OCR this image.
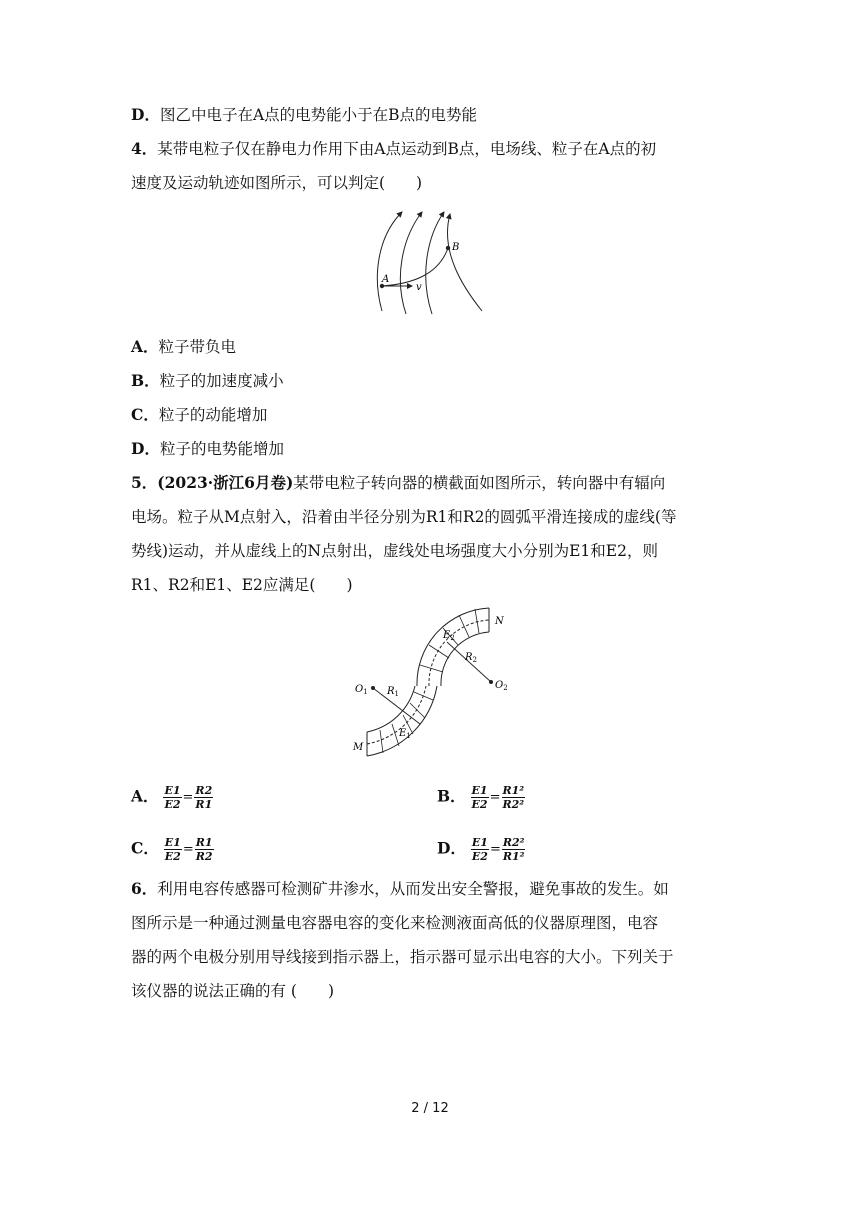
D．图乙中电子在A点的电势能小于在B点的电势能
4．某带电粒子仅在静电力作用下由A点运动到B点，电场线、粒子在A点的初
速度及运动轨迹如图所示，可以判定(　　)
A
B
v
A．粒子带负电
B．粒子的加速度减小
C．粒子的动能增加
D．粒子的电势能增加
5．(2023·浙江6月卷)某带电粒子转向器的横截面如图所示，转向器中有辐向
电场。粒子从M点射入，沿着由半径分别为R1和R2的圆弧平滑连接成的虚线(等
势线)运动，并从虚线上的N点射出，虚线处电场强度大小分别为E1和E2，则
R1、R2和E1、E2应满足(　　)
$O_1$
$O_2$
$R_1$
$R_2$
$E_1$
$E_2$
M
N
A． $\frac{E1}{E2} = \frac{R2}{R1}$	B． $\frac{E1}{E2} = \frac{\text{R1²}}{\text{R2²}}$
C． $\frac{E1}{E2} = \frac{R1}{R2}$	D． $\frac{E1}{E2} = \frac{\text{R2²}}{\text{R1²}}$
6．利用电容传感器可检测矿井渗水，从而发出安全警报，避免事故的发生。如
图所示是一种通过测量电容器电容的变化来检测液面高低的仪器原理图，电容
器的两个电极分别用导线接到指示器上，指示器可显示出电容的大小。下列关于
该仪器的说法正确的有 (　　)
2 / 12
